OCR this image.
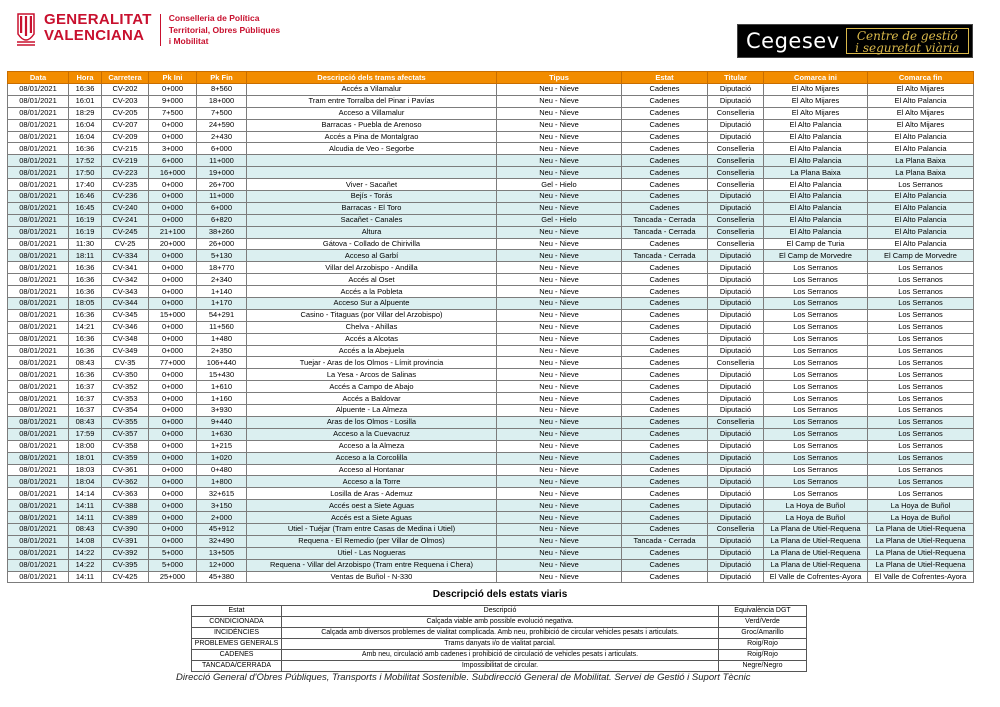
GENERALITAT
VALENCIANA
Conselleria de Política
Territorial, Obres Públiques
i Mobilitat	Cegesev	Centre de gestió
i seguretat viària
Data	Hora	Carretera	Pk Ini	Pk Fin	Descripció dels trams afectats	Tipus	Estat	Titular	Comarca ini	Comarca fin
08/01/2021	16:36	CV-202	0+000	8+560	Accés a Vilamalur	Neu - Nieve	Cadenes	Diputació	El Alto Mijares	El Alto Mijares
08/01/2021	16:01	CV-203	9+000	18+000	Tram entre Torralba del Pinar i Pavías	Neu - Nieve	Cadenes	Diputació	El Alto Mijares	El Alto Palancia
08/01/2021	18:29	CV-205	7+500	7+500	Acceso a Villamalur	Neu - Nieve	Cadenes	Conselleria	El Alto Mijares	El Alto Mijares
08/01/2021	16:04	CV-207	0+000	24+590	Barracas - Puebla de Arenoso	Neu - Nieve	Cadenes	Diputació	El Alto Palancia	El Alto Mijares
08/01/2021	16:04	CV-209	0+000	2+430	Accés a Pina de Montalgrao	Neu - Nieve	Cadenes	Diputació	El Alto Palancia	El Alto Palancia
08/01/2021	16:36	CV-215	3+000	6+000	Alcudia de Veo - Segorbe	Neu - Nieve	Cadenes	Conselleria	El Alto Palancia	El Alto Palancia
08/01/2021	17:52	CV-219	6+000	11+000		Neu - Nieve	Cadenes	Conselleria	El Alto Palancia	La Plana Baixa
08/01/2021	17:50	CV-223	16+000	19+000		Neu - Nieve	Cadenes	Conselleria	La Plana Baixa	La Plana Baixa
08/01/2021	17:40	CV-235	0+000	26+700	Viver - Sacañet	Gel - Hielo	Cadenes	Conselleria	El Alto Palancia	Los Serranos
08/01/2021	16:46	CV-236	0+000	11+000	Bejís - Torás	Neu - Nieve	Cadenes	Diputació	El Alto Palancia	El Alto Palancia
08/01/2021	16:45	CV-240	0+000	6+000	Barracas - El Toro	Neu - Nieve	Cadenes	Diputació	El Alto Palancia	El Alto Palancia
08/01/2021	16:19	CV-241	0+000	6+820	Sacañet - Canales	Gel - Hielo	Tancada - Cerrada	Conselleria	El Alto Palancia	El Alto Palancia
08/01/2021	16:19	CV-245	21+100	38+260	Altura	Neu - Nieve	Tancada - Cerrada	Conselleria	El Alto Palancia	El Alto Palancia
08/01/2021	11:30	CV-25	20+000	26+000	Gátova - Collado de Chirivilla	Neu - Nieve	Cadenes	Conselleria	El Camp de Turia	El Alto Palancia
08/01/2021	18:11	CV-334	0+000	5+130	Acceso al Garbí	Neu - Nieve	Tancada - Cerrada	Diputació	El Camp de Morvedre	El Camp de Morvedre
08/01/2021	16:36	CV-341	0+000	18+770	Villar del Arzobispo - Andilla	Neu - Nieve	Cadenes	Diputació	Los Serranos	Los Serranos
08/01/2021	16:36	CV-342	0+000	2+340	Accés al Oset	Neu - Nieve	Cadenes	Diputació	Los Serranos	Los Serranos
08/01/2021	16:36	CV-343	0+000	1+140	Accés a la Pobleta	Neu - Nieve	Cadenes	Diputació	Los Serranos	Los Serranos
08/01/2021	18:05	CV-344	0+000	1+170	Acceso Sur a Alpuente	Neu - Nieve	Cadenes	Diputació	Los Serranos	Los Serranos
08/01/2021	16:36	CV-345	15+000	54+291	Casino - Titaguas (por Villar del Arzobispo)	Neu - Nieve	Cadenes	Diputació	Los Serranos	Los Serranos
08/01/2021	14:21	CV-346	0+000	11+560	Chelva - Ahillas	Neu - Nieve	Cadenes	Diputació	Los Serranos	Los Serranos
08/01/2021	16:36	CV-348	0+000	1+480	Accés a Alcotas	Neu - Nieve	Cadenes	Diputació	Los Serranos	Los Serranos
08/01/2021	16:36	CV-349	0+000	2+350	Accés a la Abejuela	Neu - Nieve	Cadenes	Diputació	Los Serranos	Los Serranos
08/01/2021	08:43	CV-35	77+000	106+440	Tuejar - Aras de los Olmos - Límit provincia	Neu - Nieve	Cadenes	Conselleria	Los Serranos	Los Serranos
08/01/2021	16:36	CV-350	0+000	15+430	La Yesa - Arcos de Salinas	Neu - Nieve	Cadenes	Diputació	Los Serranos	Los Serranos
08/01/2021	16:37	CV-352	0+000	1+610	Accés a Campo de Abajo	Neu - Nieve	Cadenes	Diputació	Los Serranos	Los Serranos
08/01/2021	16:37	CV-353	0+000	1+160	Accés a Baldovar	Neu - Nieve	Cadenes	Diputació	Los Serranos	Los Serranos
08/01/2021	16:37	CV-354	0+000	3+930	Alpuente - La Almeza	Neu - Nieve	Cadenes	Diputació	Los Serranos	Los Serranos
08/01/2021	08:43	CV-355	0+000	9+440	Aras de los Olmos - Losilla	Neu - Nieve	Cadenes	Conselleria	Los Serranos	Los Serranos
08/01/2021	17:59	CV-357	0+000	1+630	Acceso a la Cuevacruz	Neu - Nieve	Cadenes	Diputació	Los Serranos	Los Serranos
08/01/2021	18:00	CV-358	0+000	1+215	Acceso a la Almeza	Neu - Nieve	Cadenes	Diputació	Los Serranos	Los Serranos
08/01/2021	18:01	CV-359	0+000	1+020	Acceso a la Corcolilla	Neu - Nieve	Cadenes	Diputació	Los Serranos	Los Serranos
08/01/2021	18:03	CV-361	0+000	0+480	Acceso al Hontanar	Neu - Nieve	Cadenes	Diputació	Los Serranos	Los Serranos
08/01/2021	18:04	CV-362	0+000	1+800	Acceso a la Torre	Neu - Nieve	Cadenes	Diputació	Los Serranos	Los Serranos
08/01/2021	14:14	CV-363	0+000	32+615	Losilla de Aras - Ademuz	Neu - Nieve	Cadenes	Diputació	Los Serranos	Los Serranos
08/01/2021	14:11	CV-388	0+000	3+150	Accés oest a Siete Aguas	Neu - Nieve	Cadenes	Diputació	La Hoya de Buñol	La Hoya de Buñol
08/01/2021	14:11	CV-389	0+000	2+000	Accés est a Siete Aguas	Neu - Nieve	Cadenes	Diputació	La Hoya de Buñol	La Hoya de Buñol
08/01/2021	08:43	CV-390	0+000	45+912	Utiel - Tuéjar (Tram entre Casas de Medina i Utiel)	Neu - Nieve	Cadenes	Conselleria	La Plana de Utiel-Requena	La Plana de Utiel-Requena
08/01/2021	14:08	CV-391	0+000	32+490	Requena - El Remedio (per Villar de Olmos)	Neu - Nieve	Tancada - Cerrada	Diputació	La Plana de Utiel-Requena	La Plana de Utiel-Requena
08/01/2021	14:22	CV-392	5+000	13+505	Utiel - Las Nogueras	Neu - Nieve	Cadenes	Diputació	La Plana de Utiel-Requena	La Plana de Utiel-Requena
08/01/2021	14:22	CV-395	5+000	12+000	Requena - Villar del Arzobispo (Tram entre Requena i Chera)	Neu - Nieve	Cadenes	Diputació	La Plana de Utiel-Requena	La Plana de Utiel-Requena
08/01/2021	14:11	CV-425	25+000	45+380	Ventas de Buñol - N-330	Neu - Nieve	Cadenes	Diputació	El Valle de Cofrentes-Ayora	El Valle de Cofrentes-Ayora
Descripció dels estats viaris
Estat	Descripció	Equivalència DGT
CONDICIONADA	Calçada viable amb possible evolució negativa.	Verd/Verde
INCIDÈNCIES	Calçada amb diversos problemes de vialitat complicada. Amb neu, prohibició de circular vehicles pesats i articulats.	Groc/Amarillo
PROBLEMES GENERALS	Trams danyats i/o de vialitat parcial.	Roig/Rojo
CADENES	Amb neu, circulació amb cadenes i prohibició de circulació de vehicles pesats i articulats.	Roig/Rojo
TANCADA/CERRADA	Impossibilitat de circular.	Negre/Negro
Direcció General d'Obres Públiques, Transports i Mobilitat Sostenible. Subdirecció General de Mobilitat. Servei de Gestió i Suport Tècnic
